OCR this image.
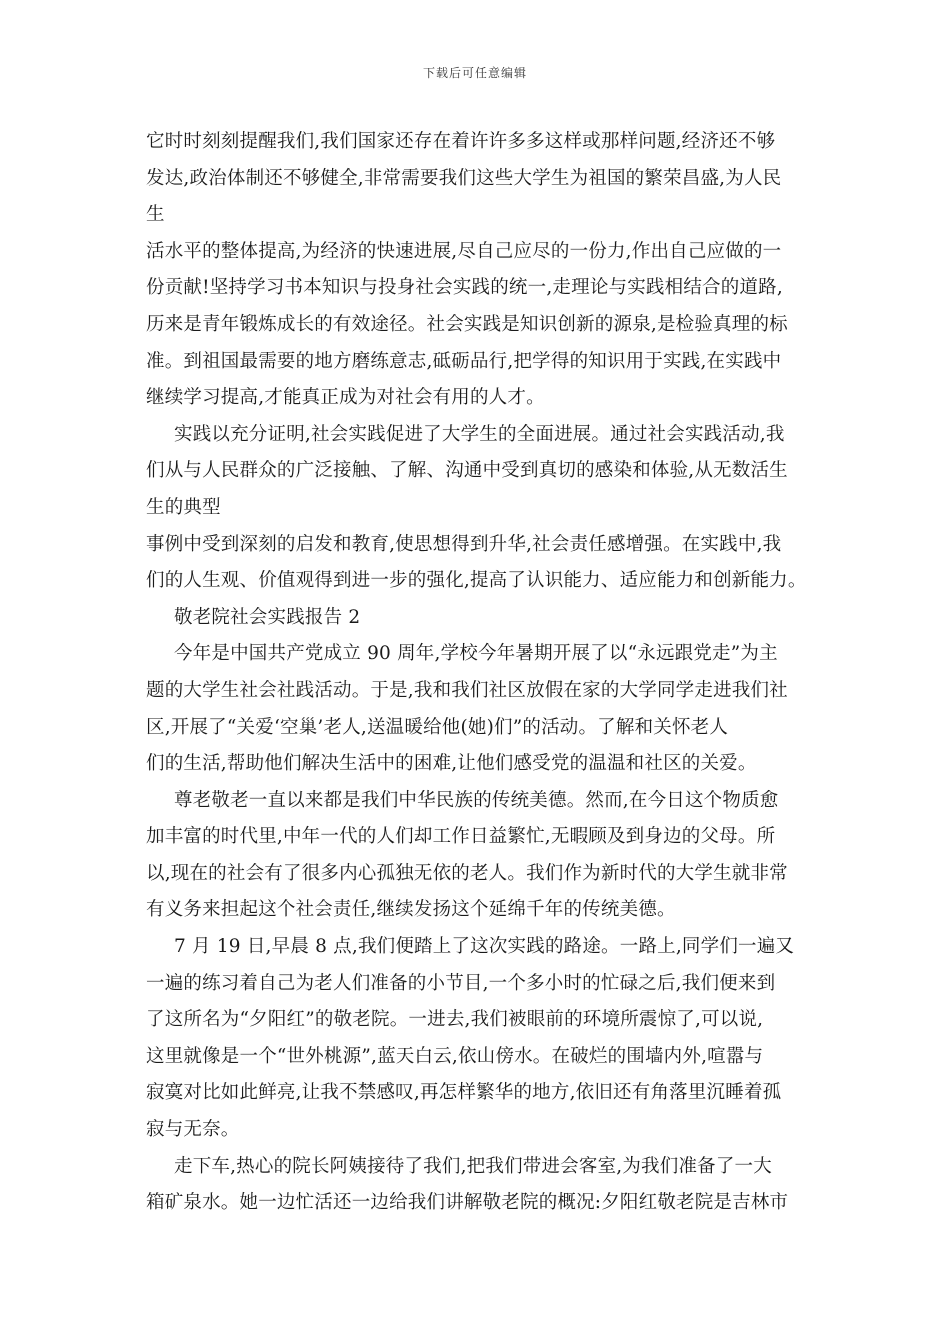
下载后可任意编辑
它时时刻刻提醒我们,我们国家还存在着许许多多这样或那样问题,经济还不够
发达,政治体制还不够健全,非常需要我们这些大学生为祖国的繁荣昌盛,为人民
生
活水平的整体提高,为经济的快速进展,尽自己应尽的一份力,作出自己应做的一
份贡献!坚持学习书本知识与投身社会实践的统一,走理论与实践相结合的道路,
历来是青年锻炼成长的有效途径。社会实践是知识创新的源泉,是检验真理的标
准。到祖国最需要的地方磨练意志,砥砺品行,把学得的知识用于实践,在实践中
继续学习提高,才能真正成为对社会有用的人才。
实践以充分证明,社会实践促进了大学生的全面进展。通过社会实践活动,我
们从与人民群众的广泛接触、了解、沟通中受到真切的感染和体验,从无数活生
生的典型
事例中受到深刻的启发和教育,使思想得到升华,社会责任感增强。在实践中,我
们的人生观、价值观得到进一步的强化,提高了认识能力、适应能力和创新能力。
敬老院社会实践报告 2
今年是中国共产党成立 90 周年,学校今年暑期开展了以“永远跟党走”为主
题的大学生社会社践活动。于是,我和我们社区放假在家的大学同学走进我们社
区,开展了“关爱‘空巢’老人,送温暖给他(她)们”的活动。了解和关怀老人
们的生活,帮助他们解决生活中的困难,让他们感受党的温温和社区的关爱。
尊老敬老一直以来都是我们中华民族的传统美德。然而,在今日这个物质愈
加丰富的时代里,中年一代的人们却工作日益繁忙,无暇顾及到身边的父母。所
以,现在的社会有了很多内心孤独无依的老人。我们作为新时代的大学生就非常
有义务来担起这个社会责任,继续发扬这个延绵千年的传统美德。
7 月 19 日,早晨 8 点,我们便踏上了这次实践的路途。一路上,同学们一遍又
一遍的练习着自己为老人们准备的小节目,一个多小时的忙碌之后,我们便来到
了这所名为“夕阳红”的敬老院。一进去,我们被眼前的环境所震惊了,可以说,
这里就像是一个“世外桃源”,蓝天白云,依山傍水。在破烂的围墙内外,喧嚣与
寂寞对比如此鲜亮,让我不禁感叹,再怎样繁华的地方,依旧还有角落里沉睡着孤
寂与无奈。
走下车,热心的院长阿姨接待了我们,把我们带进会客室,为我们准备了一大
箱矿泉水。她一边忙活还一边给我们讲解敬老院的概况:夕阳红敬老院是吉林市
